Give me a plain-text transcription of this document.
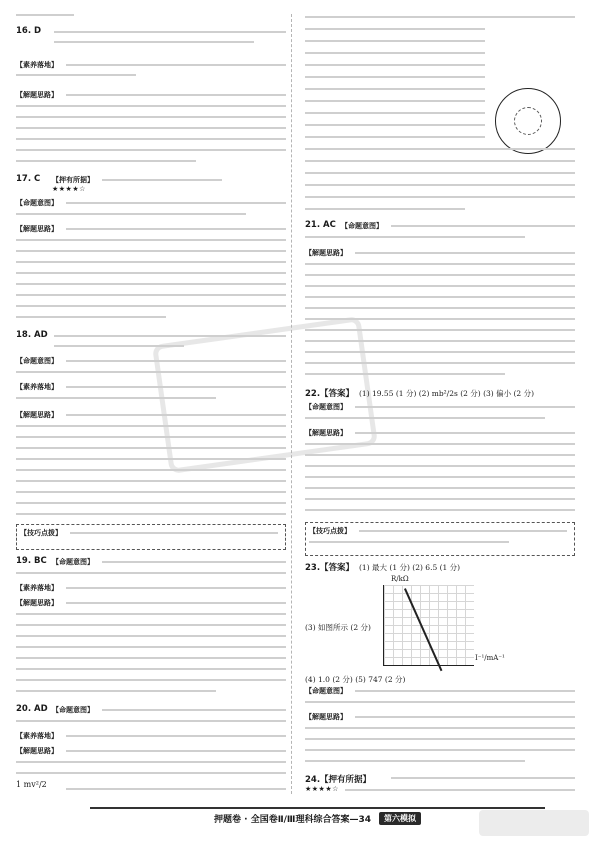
16. D
【素养落地】
【解题思路】
17. C 【押有所据】
★★★★☆
【命题意图】
【解题思路】
18. AD
【命题意图】
【素养落地】
【解题思路】
【技巧点拨】
19. BC 【命题意图】
【素养落地】
【解题思路】
20. AD 【命题意图】
【素养落地】
【解题思路】
1 mv²/2
21. AC 【命题意图】
【解题思路】
22.【答案】 (1) 19.55 (1 分) (2) mb²/2s (2 分) (3) 偏小 (2 分)
【命题意图】
【解题思路】
【技巧点拨】
23.【答案】 (1) 最大 (1 分) (2) 6.5 (1 分)
R/kΩ
I⁻¹/mA⁻¹
(3) 如图所示 (2 分)
(4) 1.0 (2 分) (5) 747 (2 分)
【命题意图】
【解题思路】
24.【押有所据】
★★★★☆
押题卷 · 全国卷Ⅱ/Ⅲ理科综合答案—34	第六模拟
